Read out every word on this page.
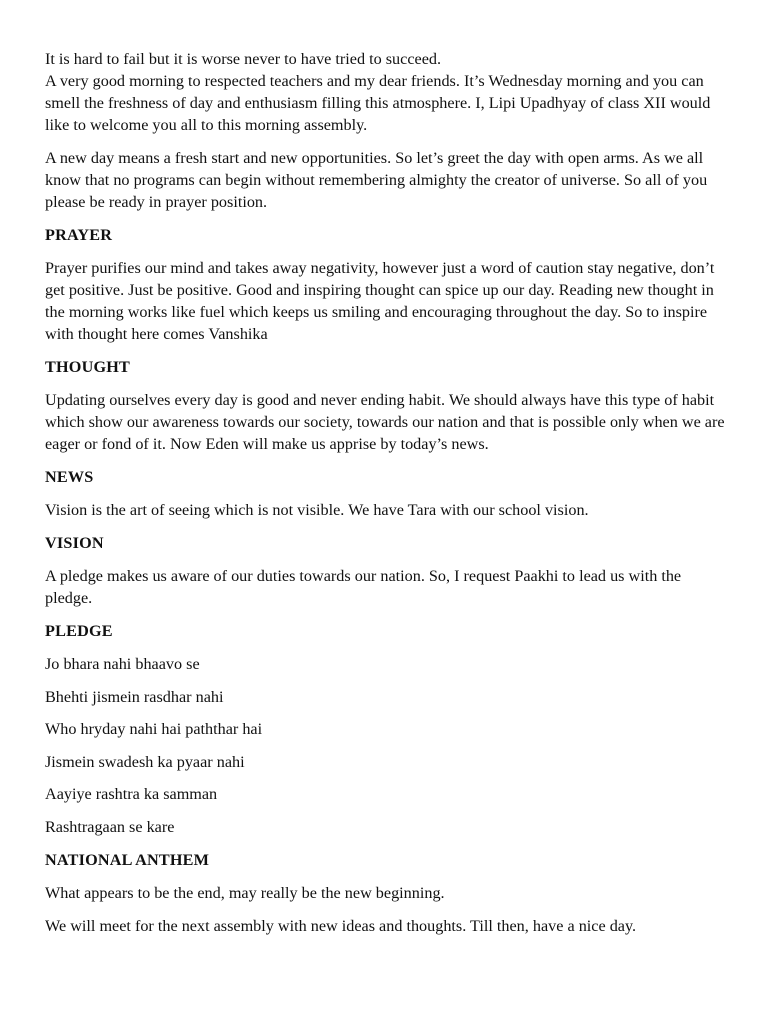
It is hard to fail but it is worse never to have tried to succeed.

A very good morning to respected teachers and my dear friends. It’s Wednesday morning and you can smell the freshness of day and enthusiasm filling this atmosphere. I, Lipi Upadhyay of class XII would like to welcome you all to this morning assembly.

A new day means a fresh start and new opportunities. So let’s greet the day with open arms. As we all know that no programs can begin without remembering almighty the creator of universe. So all of you please be ready in prayer position.

PRAYER

Prayer purifies our mind and takes away negativity, however just a word of caution stay negative, don’t get positive. Just be positive. Good and inspiring thought can spice up our day. Reading new thought in the morning works like fuel which keeps us smiling and encouraging throughout the day. So to inspire with thought here comes Vanshika

THOUGHT

Updating ourselves every day is good and never ending habit. We should always have this type of habit which show our awareness towards our society, towards our nation and that is possible only when we are eager or fond of it. Now Eden will make us apprise by today’s news.

NEWS

Vision is the art of seeing which is not visible. We have Tara with our school vision.

VISION

A pledge makes us aware of our duties towards our nation. So, I request Paakhi to lead us with the pledge.

PLEDGE
Jo bhara nahi bhaavo se
Bhehti jismein rasdhar nahi
Who hryday nahi hai paththar hai
Jismein swadesh ka pyaar nahi
Aayiye rashtra ka samman
Rashtragaan se kare
NATIONAL ANTHEM

What appears to be the end, may really be the new beginning.

We will meet for the next assembly with new ideas and thoughts. Till then, have a nice day.
